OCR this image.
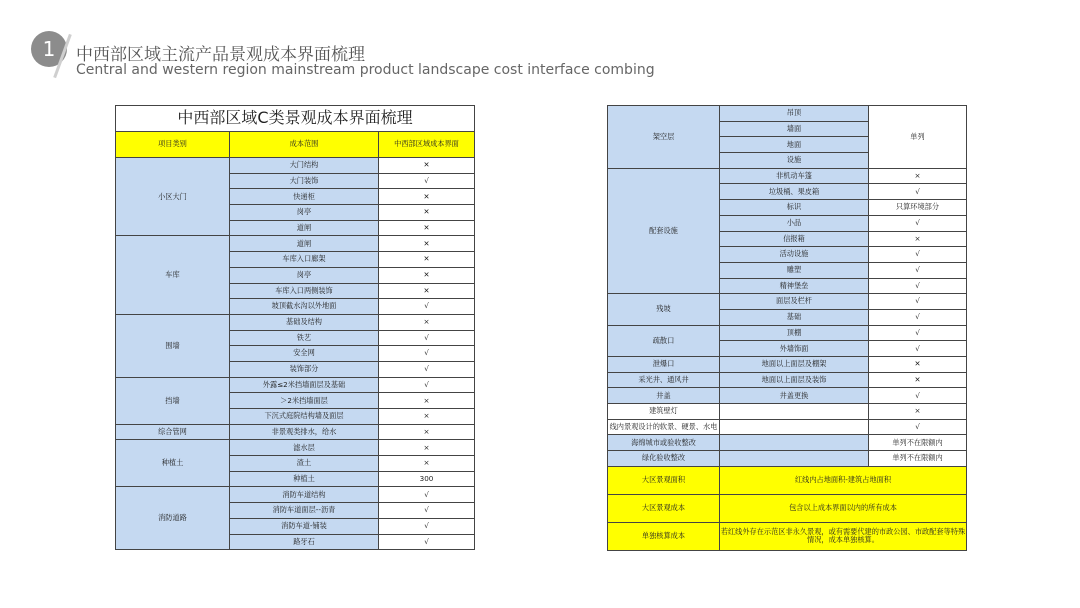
1	中西部区域主流产品景观成本界面梳理
Central and western region mainstream product landscape cost interface combing
中西部区域C类景观成本界面梳理		
项目类别	成本范围	中西部区域成本界面
小区大门	大门结构	✕
	大门装饰	√
	快递柜	✕
	岗亭	✕
	道闸	✕
车库	道闸	✕
	车库入口廊架	✕
	岗亭	✕
	车库入口两侧装饰	✕
	坡顶截水沟以外地面	√
围墙	基础及结构	×
	铁艺	√
	安全网	√
	装饰部分	√
挡墙	外露≤2米挡墙面层及基础	√
	＞2米挡墙面层	×
	下沉式庭院结构墙及面层	×
综合管网	非景观类排水，给水	×
种植土	滤水层	×
	渣土	×
	种植土	300
消防道路	消防车道结构	√
	消防车道面层--沥青	√
	消防车道-铺装	√
	路牙石	√
架空层	吊顶	单列
	墙面	
	地面	
	设施	
配套设施	非机动车篷	×
	垃圾桶、果皮箱	√
	标识	只算环境部分
	小品	√
	信报箱	×
	活动设施	√
	雕塑	√
	精神堡垒	√
残坡	面层及栏杆	√
	基础	√
疏散口	顶棚	√
	外墙饰面	√
泄爆口	地面以上面层及棚架	✕
采光井、通风井	地面以上面层及装饰	✕
井盖	井盖更换	√
建筑壁灯		×
线内景观设计的软景、硬景、水电		√
海绵城市或验收整改		单列不在限额内
绿化验收整改		单列不在限额内
大区景观面积	红线内占地面积-建筑占地面积	
大区景观成本	包含以上成本界面以内的所有成本	
单独核算成本	若红线外存在示范区非永久景观，或有需要代建的市政公园、市政配套等特殊情况，成本单独核算。	
